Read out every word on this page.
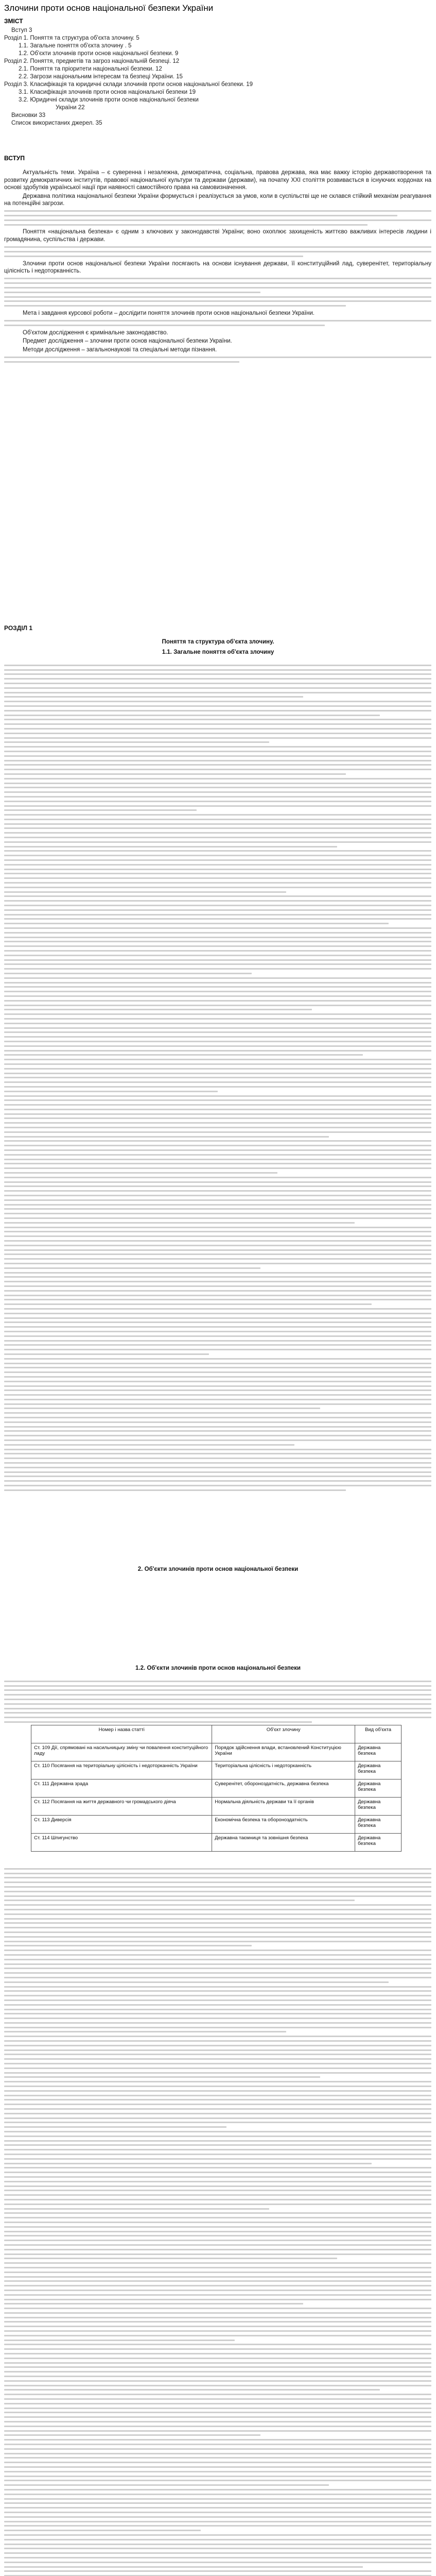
Злочини проти основ національної безпеки України
ЗМІСТ
Вступ 3
Розділ 1. Поняття та структура об'єкта злочину. 5
1.1. Загальне поняття об'єкта злочину . 5
1.2. Об'єкти злочинів проти основ національної безпеки. 9
Розділ 2. Поняття, предметів та загроз національній безпеці. 12
2.1. Поняття та пріоритети національної безпеки. 12
2.2. Загрози національним інтересам та безпеці України. 15
Розділ 3. Класифікація та юридичні склади злочинів проти основ національної безпеки. 19
3.1. Класифікація злочинів проти основ національної безпеки 19
3.2. Юридичні склади злочинів проти основ національної безпеки
України 22
Висновки 33
Список використаних джерел. 35
ВСТУП

Актуальність теми. Україна – є суверенна і незалежна, демократична, соціальна, правова держава, яка має важку історію державотворення та розвитку демократичних інститутів, правової національної культури та держави (держави), на початку ХХІ століття розвивається в існуючих кордонах на основі здобутків української нації при наявності самостійного права на самовизначення.

Державна політика національної безпеки України формується і реалізується за умов, коли в суспільстві ще не склався стійкий механізм реагування на потенційні загрози.

Поняття «національна безпека» є одним з ключових у законодавстві України; воно охоплює захищеність життєво важливих інтересів людини і громадянина, суспільства і держави.

Злочини проти основ національної безпеки України посягають на основи існування держави, її конституційний лад, суверенітет, територіальну цілісність і недоторканність.

Мета і завдання курсової роботи – дослідити поняття злочинів проти основ національної безпеки України.

Об'єктом дослідження є кримінальне законодавство.

Предмет дослідження – злочини проти основ національної безпеки України.

Методи дослідження – загальнонаукові та спеціальні методи пізнання.

РОЗДІЛ 1
Поняття та структура об'єкта злочину.
1.1. Загальне поняття об'єкта злочину
Номер і назва статті	Об'єкт злочину	Вид об'єкта
Ст. 109 Дії, спрямовані на насильницьку зміну чи повалення конституційного ладу	Порядок здійснення влади, встановлений Конституцією України	Державна безпека
Ст. 110 Посягання на територіальну цілісність і недоторканність України	Територіальна цілісність і недоторканність	Державна безпека
Ст. 111 Державна зрада	Суверенітет, обороноздатність, державна безпека	Державна безпека
Ст. 112 Посягання на життя державного чи громадського діяча	Нормальна діяльність держави та її органів	Державна безпека
Ст. 113 Диверсія	Економічна безпека та обороноздатність	Державна безпека
Ст. 114 Шпигунство	Державна таємниця та зовнішня безпека	Державна безпека
1.2. Об'єкти злочинів проти основ національної безпеки
2. Об'єкти злочинів проти основ національної безпеки
